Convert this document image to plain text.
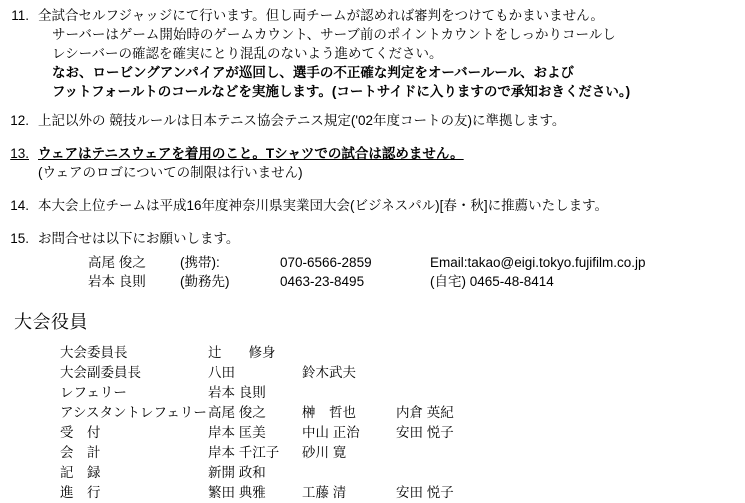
11. 全試合セルフジャッジにて行います。但し両チームが認めれば審判をつけてもかまいません。
サーバーはゲーム開始時のゲームカウント、サーブ前のポイントカウントをしっかりコールし
レシーバーの確認を確実にとり混乱のないよう進めてください。
なお、ロービングアンパイアが巡回し、選手の不正確な判定をオーバールール、および
フットフォールトのコールなどを実施します。(コートサイドに入りますので承知おきください。)
12. 上記以外の 競技ルールは日本テニス協会テニス規定('02年度コートの友)に準拠します。
13. ウェアはテニスウェアを着用のこと。Tシャツでの試合は認めません。
(ウェアのロゴについての制限は行いません)
14. 本大会上位チームは平成16年度神奈川県実業団大会(ビジネスパル)[春・秋]に推薦いたします。
15. お問合せは以下にお願いします。
高尾 俊之	(携帯):	070-6566-2859	Email:takao@eigi.tokyo.fujifilm.co.jp
岩本 良則	(勤務先)	0463-23-8495	(自宅) 0465-48-8414
大会役員
大会委員長	辻　　修身
大会副委員長	八田	鈴木武夫
レフェリー	岩本 良則
アシスタントレフェリー 高尾 俊之	榊　哲也	内倉 英紀
受　付	岸本 匡美	中山 正治	安田 悦子
会　計	岸本 千江子	砂川 寛
記　録	新開 政和
進　行	繁田 典雅	工藤 清	安田 悦子
